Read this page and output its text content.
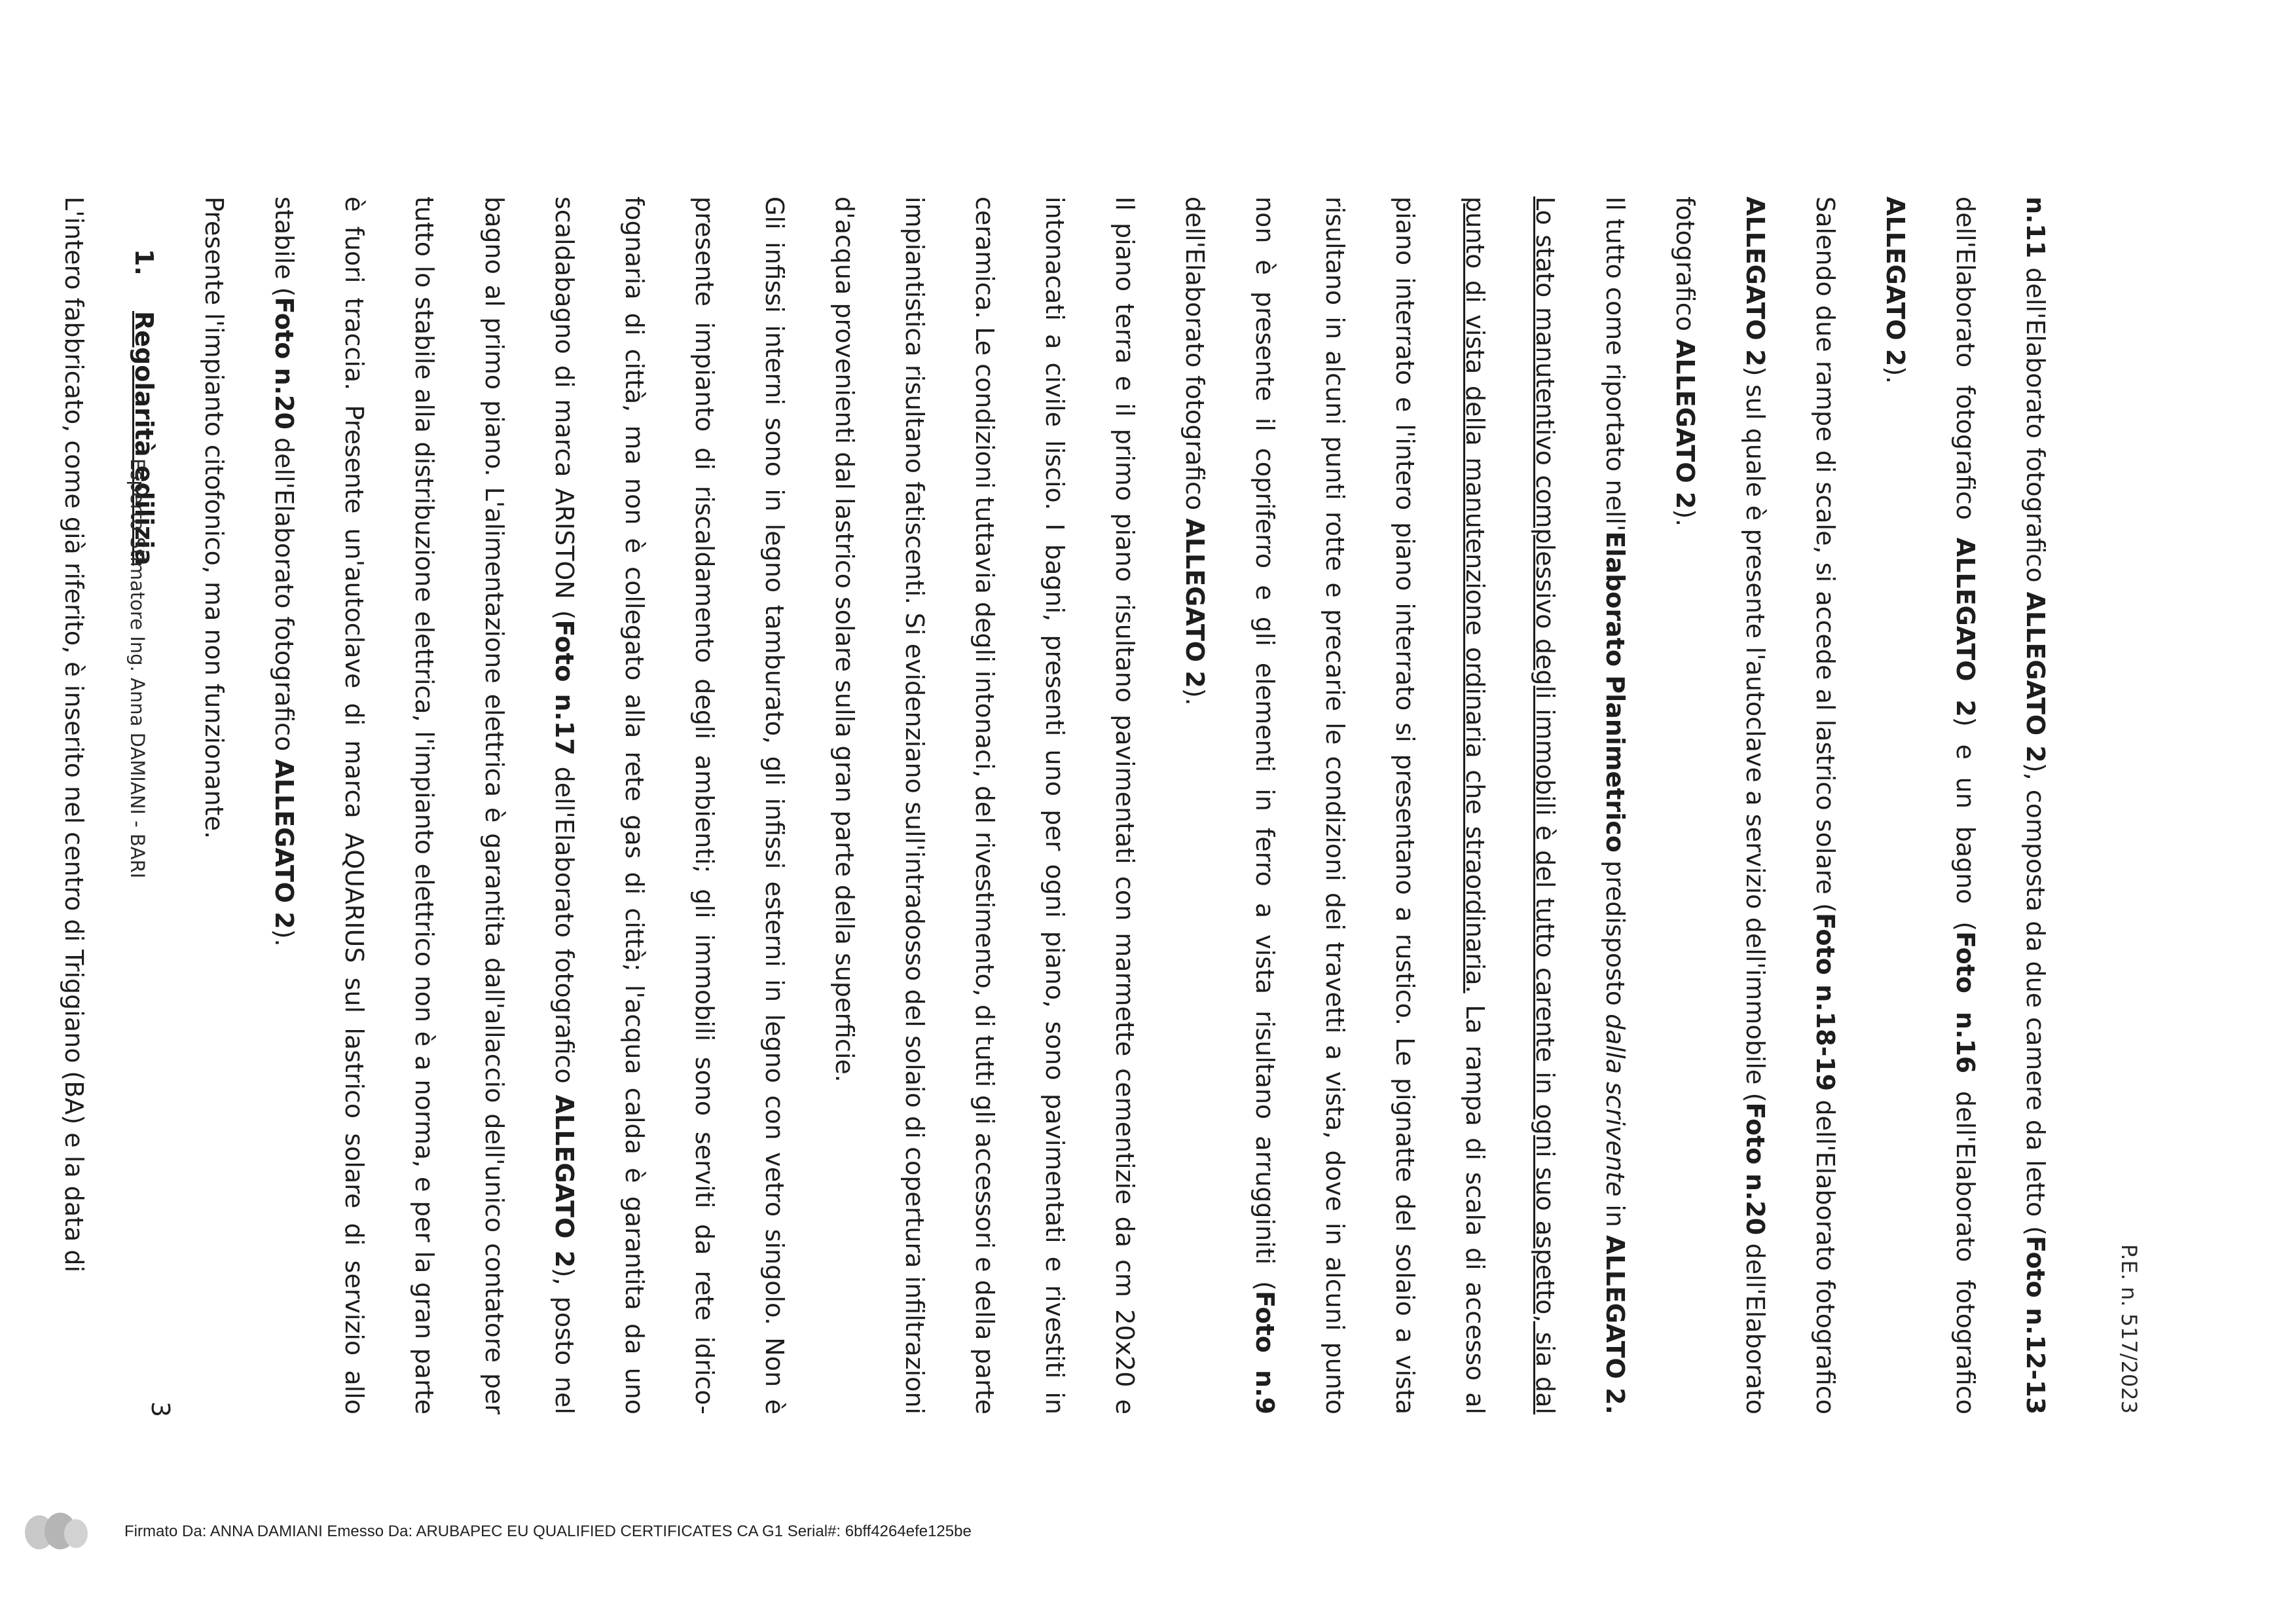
P.E. n. 517/2023

n.11 dell'Elaborato fotografico ALLEGATO 2), composta da due camere da letto (Foto n.12-13 dell'Elaborato fotografico ALLEGATO 2) e un bagno (Foto n.16 dell'Elaborato fotografico ALLEGATO 2).

Salendo due rampe di scale, si accede al lastrico solare (Foto n.18-19 dell'Elaborato fotografico ALLEGATO 2) sul quale è presente l'autoclave a servizio dell'immobile (Foto n.20 dell'Elaborato fotografico ALLEGATO 2).

Il tutto come riportato nell'Elaborato Planimetrico predisposto dalla scrivente in ALLEGATO 2. Lo stato manutentivo complessivo degli immobili è del tutto carente in ogni suo aspetto, sia dal punto di vista della manutenzione ordinaria che straordinaria. La rampa di scala di accesso al piano interrato e l'intero piano interrato si presentano a rustico. Le pignatte del solaio a vista risultano in alcuni punti rotte e precarie le condizioni dei travetti a vista, dove in alcuni punto non è presente il copriferro e gli elementi in ferro a vista risultano arrugginiti (Foto n.9 dell'Elaborato fotografico ALLEGATO 2).

Il piano terra e il primo piano risultano pavimentati con marmette cementizie da cm 20x20 e intonacati a civile liscio. I bagni, presenti uno per ogni piano, sono pavimentati e rivestiti in ceramica. Le condizioni tuttavia degli intonaci, del rivestimento, di tutti gli accessori e della parte impiantistica risultano fatiscenti. Si evidenziano sull'intradosso del solaio di copertura infiltrazioni d'acqua provenienti dal lastrico solare sulla gran parte della superficie.

Gli infissi interni sono in legno tamburato, gli infissi esterni in legno con vetro singolo. Non è presente impianto di riscaldamento degli ambienti; gli immobili sono serviti da rete idrico-fognaria di città, ma non è collegato alla rete gas di città; l'acqua calda è garantita da uno scaldabagno di marca ARISTON (Foto n.17 dell'Elaborato fotografico ALLEGATO 2), posto nel bagno al primo piano. L'alimentazione elettrica è garantita dall'allaccio dell'unico contatore per tutto lo stabile alla distribuzione elettrica, l'impianto elettrico non è a norma, e per la gran parte è fuori traccia. Presente un'autoclave di marca AQUARIUS sul lastrico solare di servizio allo stabile (Foto n.20 dell'Elaborato fotografico ALLEGATO 2).

Presente l'impianto citofonico, ma non funzionante.

1.Regolarità edilizia

L'intero fabbricato, come già riferito, è inserito nel centro di Triggiano (BA) e la data di

3
Esperto Stimatore Ing. Anna DAMIANI - BARI
Firmato Da: ANNA DAMIANI Emesso Da: ARUBAPEC EU QUALIFIED CERTIFICATES CA G1 Serial#: 6bff4264efe125be
